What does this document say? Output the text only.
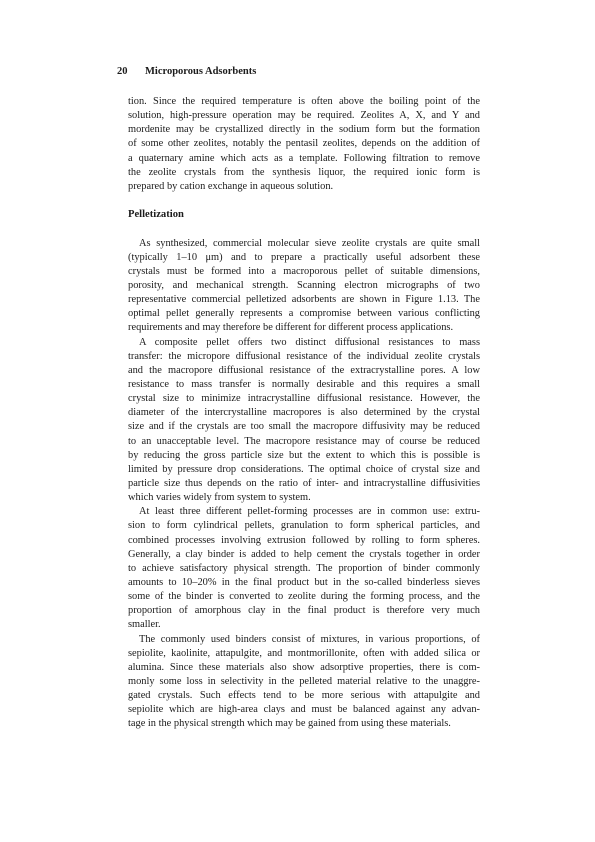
20 Microporous Adsorbents
tion. Since the required temperature is often above the boiling point of the
solution, high-pressure operation may be required. Zeolites A, X, and Y and
mordenite may be crystallized directly in the sodium form but the formation
of some other zeolites, notably the pentasil zeolites, depends on the addition of
a quaternary amine which acts as a template. Following filtration to remove
the zeolite crystals from the synthesis liquor, the required ionic form is
prepared by cation exchange in aqueous solution.
Pelletization
As synthesized, commercial molecular sieve zeolite crystals are quite small
(typically 1–10 μm) and to prepare a practically useful adsorbent these
crystals must be formed into a macroporous pellet of suitable dimensions,
porosity, and mechanical strength. Scanning electron micrographs of two
representative commercial pelletized adsorbents are shown in Figure 1.13. The
optimal pellet generally represents a compromise between various conflicting
requirements and may therefore be different for different process applications.
A composite pellet offers two distinct diffusional resistances to mass
transfer: the micropore diffusional resistance of the individual zeolite crystals
and the macropore diffusional resistance of the extracrystalline pores. A low
resistance to mass transfer is normally desirable and this requires a small
crystal size to minimize intracrystalline diffusional resistance. However, the
diameter of the intercrystalline macropores is also determined by the crystal
size and if the crystals are too small the macropore diffusivity may be reduced
to an unacceptable level. The macropore resistance may of course be reduced
by reducing the gross particle size but the extent to which this is possible is
limited by pressure drop considerations. The optimal choice of crystal size and
particle size thus depends on the ratio of inter- and intracrystalline diffusivities
which varies widely from system to system.
At least three different pellet-forming processes are in common use: extru-
sion to form cylindrical pellets, granulation to form spherical particles, and
combined processes involving extrusion followed by rolling to form spheres.
Generally, a clay binder is added to help cement the crystals together in order
to achieve satisfactory physical strength. The proportion of binder commonly
amounts to 10–20% in the final product but in the so-called binderless sieves
some of the binder is converted to zeolite during the forming process, and the
proportion of amorphous clay in the final product is therefore very much
smaller.
The commonly used binders consist of mixtures, in various proportions, of
sepiolite, kaolinite, attapulgite, and montmorillonite, often with added silica or
alumina. Since these materials also show adsorptive properties, there is com-
monly some loss in selectivity in the pelleted material relative to the unaggre-
gated crystals. Such effects tend to be more serious with attapulgite and
sepiolite which are high-area clays and must be balanced against any advan-
tage in the physical strength which may be gained from using these materials.
